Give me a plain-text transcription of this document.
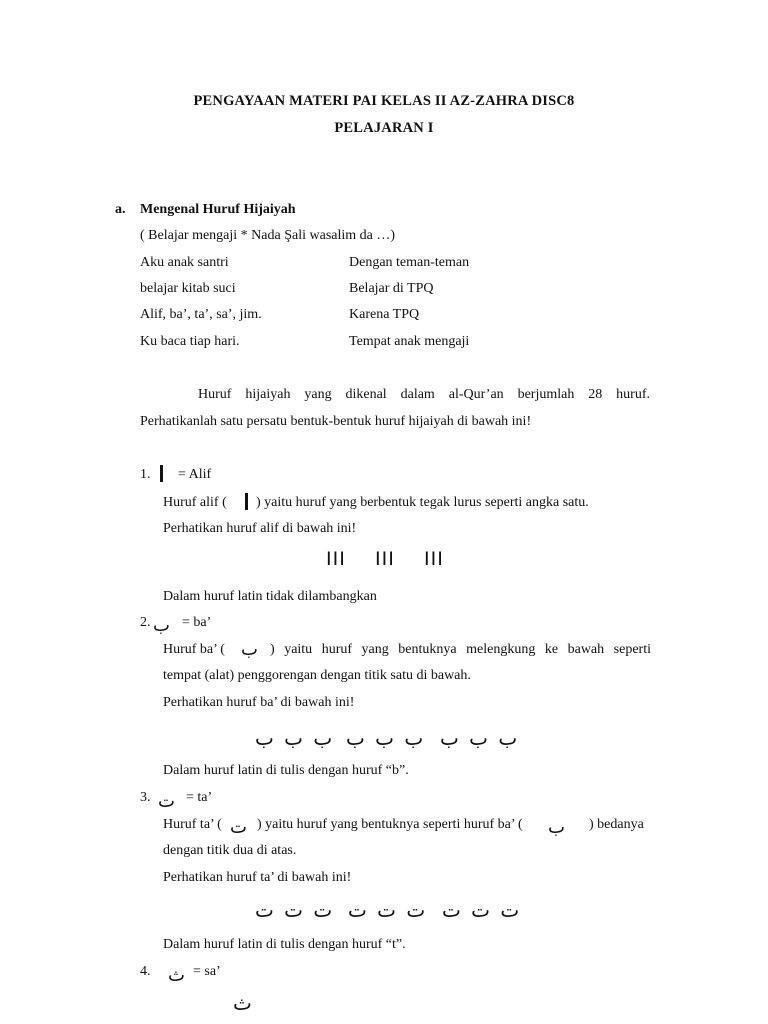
PENGAYAAN MATERI PAI KELAS II AZ-ZAHRA DISC8
PELAJARAN I
a. Mengenal Huruf Hijaiyah
( Belajar mengaji * Nada Şali wasalim da …)
Aku anak santri	Dengan teman-teman
belajar kitab suci	Belajar di TPQ
Alif, ba’, ta’, sa’, jim.	Karena TPQ
Ku baca tiap hari.	Tempat anak mengaji
Huruf hijaiyah yang dikenal dalam al-Qur’an berjumlah 28 huruf.
Perhatikanlah satu persatu bentuk-bentuk huruf hijaiyah di bawah ini!
1. = Alif
Huruf alif ( ) yaitu huruf yang berbentuk tegak lurus seperti angka satu.
Perhatikan huruf alif di bawah ini!
III III III
Dalam huruf latin tidak dilambangkan
2. ب = ba’
Huruf ba’ ( ب ) yaitu huruf yang bentuknya melengkung ke bawah seperti
tempat (alat) penggorengan dengan titik satu di bawah.
Perhatikan huruf ba’ di bawah ini!
ب ب ب ب ب ب ب ب ب
Dalam huruf latin di tulis dengan huruf “b”.
3. ت = ta’
Huruf ta’ ( ت ) yaitu huruf yang bentuknya seperti huruf ba’ ( ب ) bedanya
dengan titik dua di atas.
Perhatikan huruf ta’ di bawah ini!
ت ت ت ت ت ت ت ت ت
Dalam huruf latin di tulis dengan huruf “t”.
4. ث = sa’
ث
